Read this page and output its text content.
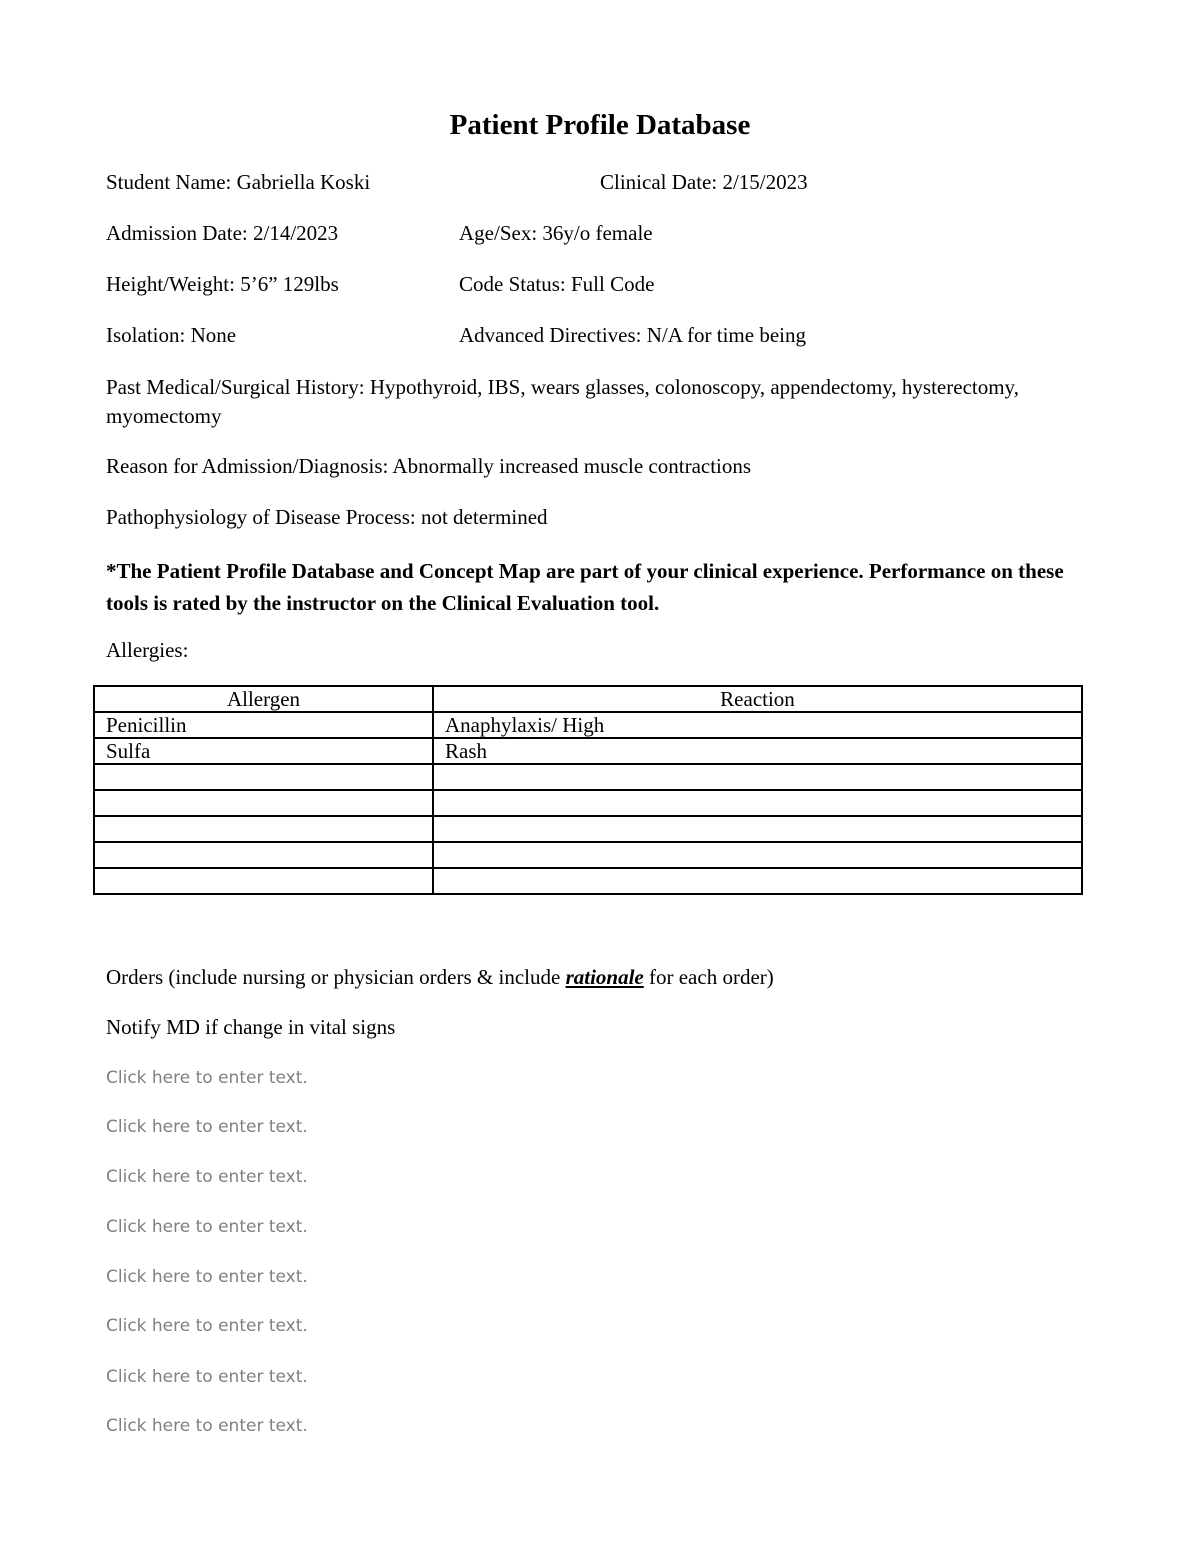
Patient Profile Database
Student Name: Gabriella Koski	Clinical Date: 2/15/2023
Admission Date: 2/14/2023	Age/Sex: 36y/o female
Height/Weight: 5’6” 129lbs	Code Status: Full Code
Isolation: None	Advanced Directives: N/A for time being
Past Medical/Surgical History: Hypothyroid, IBS, wears glasses, colonoscopy, appendectomy, hysterectomy, myomectomy
Reason for Admission/Diagnosis: Abnormally increased muscle contractions
Pathophysiology of Disease Process: not determined
*The Patient Profile Database and Concept Map are part of your clinical experience. Performance on these tools is rated by the instructor on the Clinical Evaluation tool.
Allergies:
Allergen	Reaction
Penicillin	Anaphylaxis/ High
Sulfa	Rash

Orders (include nursing or physician orders & include rationale for each order)
Notify MD if change in vital signs
Click here to enter text.
Click here to enter text.
Click here to enter text.
Click here to enter text.
Click here to enter text.
Click here to enter text.
Click here to enter text.
Click here to enter text.
